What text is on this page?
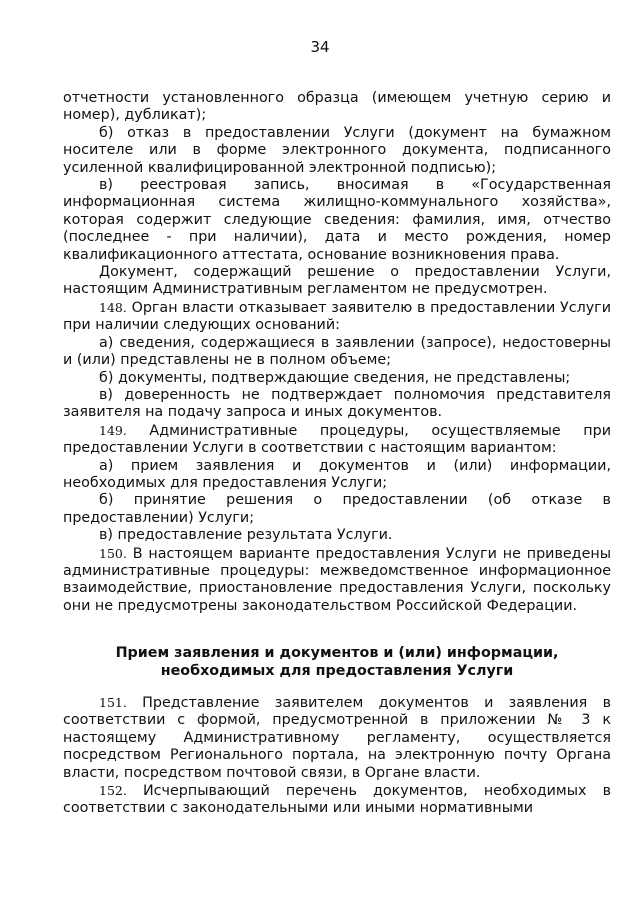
34

отчетности установленного образца (имеющем учетную серию и номер), дубликат);

б) отказ в предоставлении Услуги (документ на бумажном носителе или в форме электронного документа, подписанного усиленной квалифицированной электронной подписью);

в) реестровая запись, вносимая в «Государственная информационная система жилищно-коммунального хозяйства», которая содержит следующие сведения: фамилия, имя, отчество (последнее - при наличии), дата и место рождения, номер квалификационного аттестата, основание возникновения права.

Документ, содержащий решение о предоставлении Услуги, настоящим Административным регламентом не предусмотрен.

148. Орган власти отказывает заявителю в предоставлении Услуги при наличии следующих оснований:

а) сведения, содержащиеся в заявлении (запросе), недостоверны и (или) представлены не в полном объеме;

б) документы, подтверждающие сведения, не представлены;

в) доверенность не подтверждает полномочия представителя заявителя на подачу запроса и иных документов.

149. Административные процедуры, осуществляемые при предоставлении Услуги в соответствии с настоящим вариантом:

а) прием заявления и документов и (или) информации, необходимых для предоставления Услуги;

б) принятие решения о предоставлении (об отказе в предоставлении) Услуги;

в) предоставление результата Услуги.

150. В настоящем варианте предоставления Услуги не приведены административные процедуры: межведомственное информационное взаимодействие, приостановление предоставления Услуги, поскольку они не предусмотрены законодательством Российской Федерации.

Прием заявления и документов и (или) информации, необходимых для предоставления Услуги

151. Представление заявителем документов и заявления в соответствии с формой, предусмотренной в приложении № 3 к настоящему Административному регламенту, осуществляется посредством Регионального портала, на электронную почту Органа власти, посредством почтовой связи, в Органе власти.

152. Исчерпывающий перечень документов, необходимых в соответствии с законодательными или иными нормативными
